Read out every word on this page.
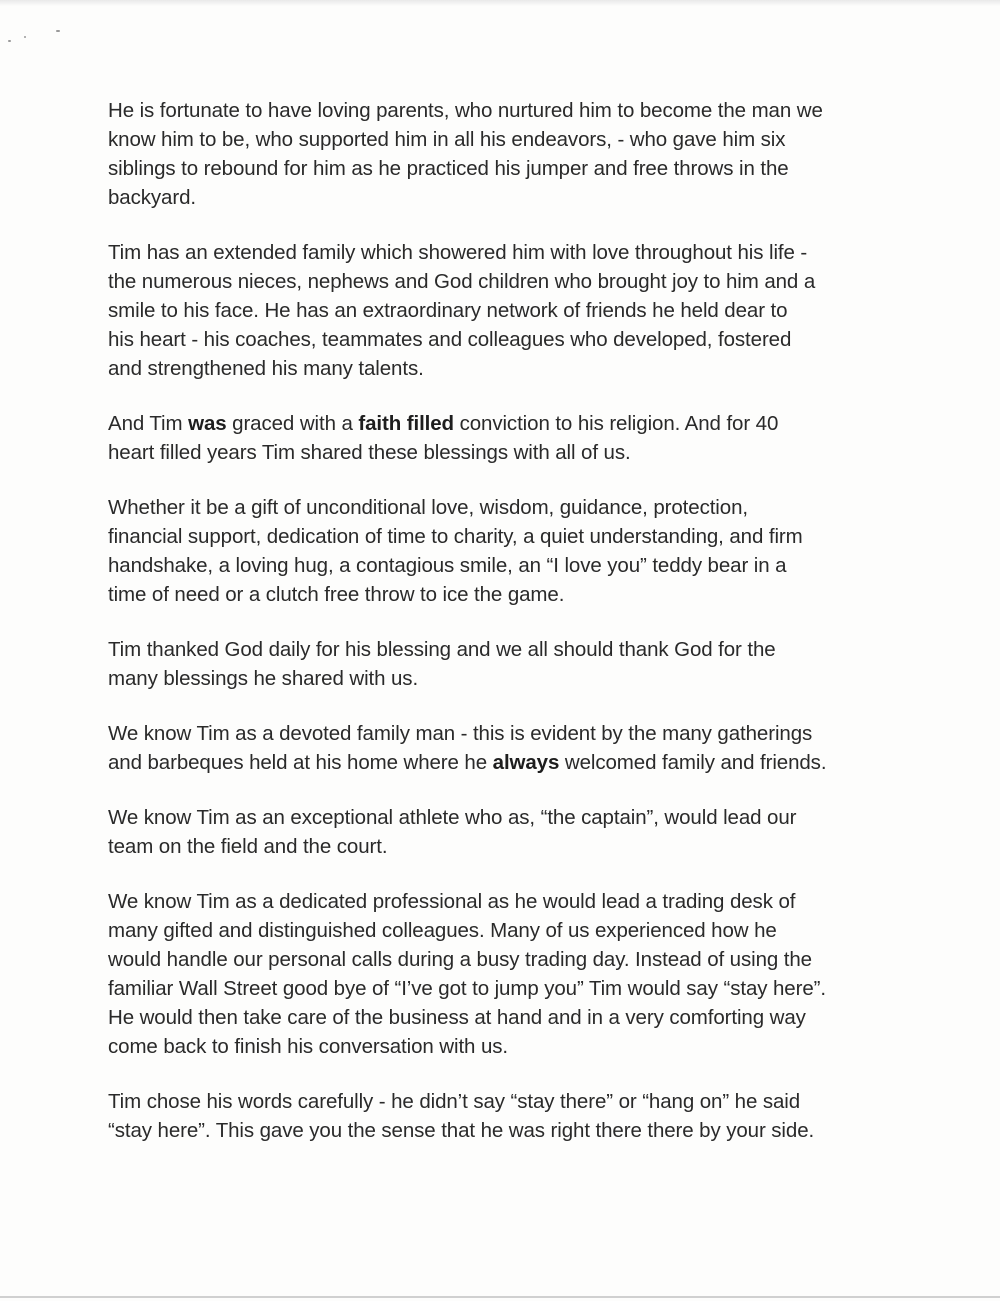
He is fortunate to have loving parents, who nurtured him to become the man we
know him to be, who supported him in all his endeavors, - who gave him six
siblings to rebound for him as he practiced his jumper and free throws in the
backyard.

Tim has an extended family which showered him with love throughout his life -
the numerous nieces, nephews and God children who brought joy to him and a
smile to his face. He has an extraordinary network of friends he held dear to
his heart - his coaches, teammates and colleagues who developed, fostered
and strengthened his many talents.

And Tim was graced with a faith filled conviction to his religion. And for 40
heart filled years Tim shared these blessings with all of us.

Whether it be a gift of unconditional love, wisdom, guidance, protection,
financial support, dedication of time to charity, a quiet understanding, and firm
handshake, a loving hug, a contagious smile, an “I love you” teddy bear in a
time of need or a clutch free throw to ice the game.

Tim thanked God daily for his blessing and we all should thank God for the
many blessings he shared with us.

We know Tim as a devoted family man - this is evident by the many gatherings
and barbeques held at his home where he always welcomed family and friends.

We know Tim as an exceptional athlete who as, “the captain”, would lead our
team on the field and the court.

We know Tim as a dedicated professional as he would lead a trading desk of
many gifted and distinguished colleagues. Many of us experienced how he
would handle our personal calls during a busy trading day. Instead of using the
familiar Wall Street good bye of “I’ve got to jump you” Tim would say “stay here”.
He would then take care of the business at hand and in a very comforting way
come back to finish his conversation with us.

Tim chose his words carefully - he didn’t say “stay there” or “hang on” he said
“stay here”. This gave you the sense that he was right there there by your side.
